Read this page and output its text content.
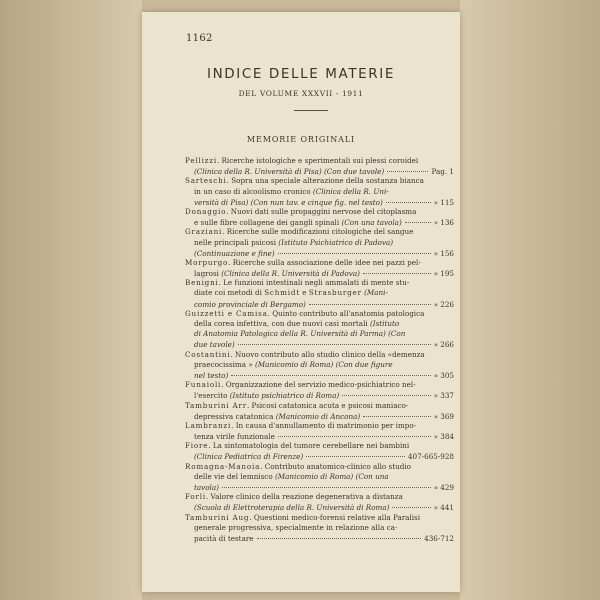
1162
INDICE DELLE MATERIE
DEL VOLUME XXXVII - 1911
MEMORIE ORIGINALI
Pellizzi. Ricerche istologiche e sperimentali sui plessi coroidei
(Clinica della R. Università di Pisa) (Con due tavole)	Pag. 1
Sarteschi. Sopra una speciale alterazione della sostanza bianca
in un caso di alcoolismo cronico (Clinica della R. Uni-
versità di Pisa) (Con nun tav. e cinque fig. nel testo)	» 115
Donaggio. Nuovi dati sulle propaggini nervose del citoplasma
e sulle fibre collagene dei gangli spinali (Con una tavola)	» 136
Graziani. Ricerche sulle modificazioni citologiche del sangue
nelle principali psicosi (Istituto Psichiatrico di Padova)
(Continuazione e fine)	» 156
Morpurgo. Ricerche sulla associazione delle idee nei pazzi pel-
lagrosi (Clinica della R. Università di Padova)	» 195
Benigni. Le funzioni intestinali negli ammalati di mente stu-
diate coi metodi di Schmidt e Strasburger (Mani-
comio provinciale di Bergamo)	» 226
Guizzetti e Camisa. Quinto contributo all'anatomia patologica
della corea infettiva, con due nuovi casi mortali (Istituto
di Anatomia Patologica della R. Università di Parma) (Con
due tavole)	» 266
Costantini. Nuovo contributo allo studio clinico della «demenza
praecocissima » (Manicomio di Roma) (Con due figure
nel testo)	» 305
Funaioli. Organizzazione del servizio medico-psichiatrico nel-
l'esercito (Istituto psichiatrico di Roma)	» 337
Tamburini Arr. Psicosi catatonica acuta e psicosi maniaco-
depressiva catatonica (Manicomio di Ancona)	» 369
Lambranzi. In causa d'annullamento di matrimonio per impo-
tenza virile funzionale	» 384
Fiore. La sintomatologia del tumore cerebellare nei bambini
(Clinica Pediatrica di Firenze)	407-665-928
Romagna-Manoia. Contributo anatomico-clinico allo studio
delle vie del lemnisco (Manicomio di Roma) (Con una
tavola)	» 429
Forli. Valore clinico della reazione degenerativa a distanza
(Scuola di Elettroterapia della R. Università di Roma)	» 441
Tamburini Aug. Questioni medico-forensi relative alla Paralisi
generale progressiva, specialmente in relazione alla ca-
pacità di testare	436-712
